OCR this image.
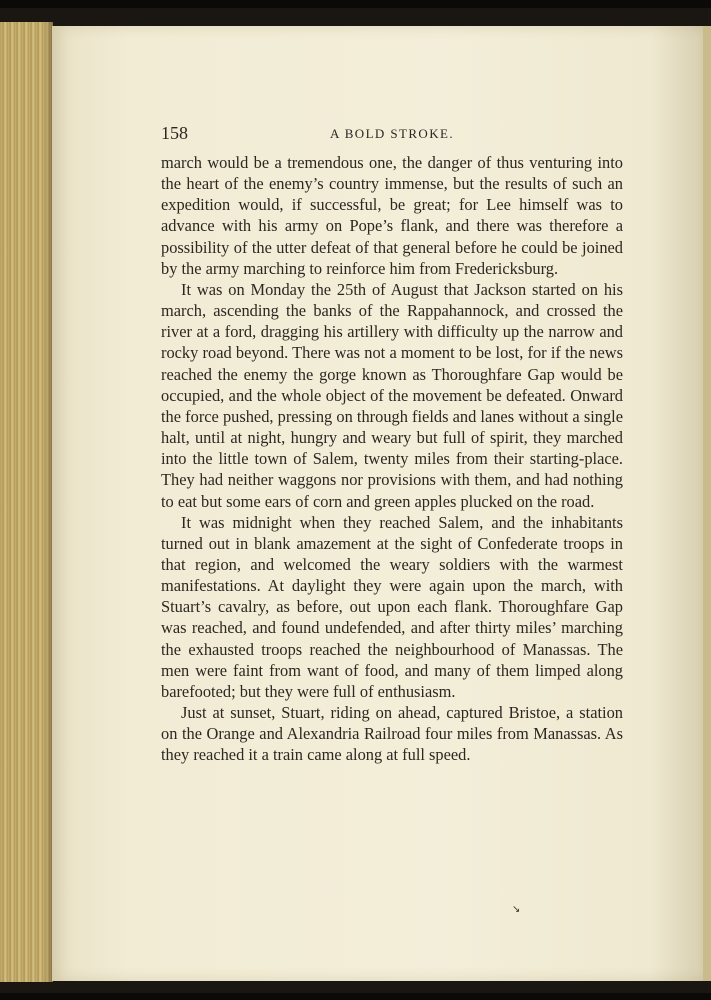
158	A BOLD STROKE.

march would be a tremendous one, the danger of thus venturing into the heart of the enemy’s country immense, but the results of such an expedition would, if successful, be great; for Lee himself was to advance with his army on Pope’s flank, and there was therefore a possibility of the utter defeat of that general before he could be joined by the army marching to reinforce him from Fredericksburg.

It was on Monday the 25th of August that Jackson started on his march, ascending the banks of the Rappahannock, and crossed the river at a ford, dragging his artillery with difficulty up the narrow and rocky road beyond. There was not a moment to be lost, for if the news reached the enemy the gorge known as Thoroughfare Gap would be occupied, and the whole object of the movement be defeated. Onward the force pushed, pressing on through fields and lanes without a single halt, until at night, hungry and weary but full of spirit, they marched into the little town of Salem, twenty miles from their starting-place. They had neither waggons nor provisions with them, and had nothing to eat but some ears of corn and green apples plucked on the road.

It was midnight when they reached Salem, and the inhabitants turned out in blank amazement at the sight of Confederate troops in that region, and welcomed the weary soldiers with the warmest manifestations. At daylight they were again upon the march, with Stuart’s cavalry, as before, out upon each flank. Thoroughfare Gap was reached, and found undefended, and after thirty miles’ marching the exhausted troops reached the neighbourhood of Manassas. The men were faint from want of food, and many of them limped along barefooted; but they were full of enthusiasm.

Just at sunset, Stuart, riding on ahead, captured Bristoe, a station on the Orange and Alexandria Railroad four miles from Manassas. As they reached it a train came along at full speed.

↘
